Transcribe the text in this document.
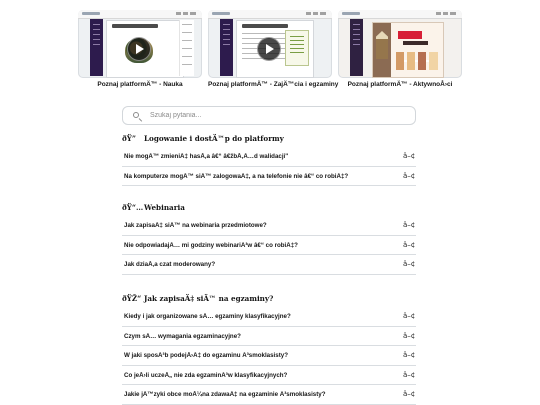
Poznaj platformÄ™ - Nauka	Poznaj platformÄ™ - ZajÄ™cia i egzaminy	Poznaj platformÄ™ - AktywnoÅ›ci
Szukaj pytania...
ðŸ”	Logowanie i dostÄ™p do platformy
Nie mogÄ™ zmieniÄ‡ hasÅ‚a â€“ â€žbÅ‚Ä…d walidacji"	â–¢
Na komputerze mogÄ™ siÄ™ zalogowaÄ‡, a na telefonie nie â€“ co robiÄ‡?	â–¢
ðŸ“… Webinaria
Jak zapisaÄ‡ siÄ™ na webinaria przedmiotowe?	â–¢
Nie odpowiadajÄ… mi godziny webinariÃ³w â€“ co robiÄ‡?	â–¢
Jak dziaÅ‚a czat moderowany?	â–¢
ðŸŽ“ Jak zapisaÄ‡ siÄ™ na egzaminy?
Kiedy i jak organizowane sÄ… egzaminy klasyfikacyjne?	â–¢
Czym sÄ… wymagania egzaminacyjne?	â–¢
W jaki sposÃ³b podejÅ›Ä‡ do egzaminu Ã³smoklasisty?	â–¢
Co jeÅ›li uczeÅ„ nie zda egzaminÃ³w klasyfikacyjnych?	â–¢
Jakie jÄ™zyki obce moÅ¼na zdawaÄ‡ na egzaminie Ã³smoklasisty?	â–¢
